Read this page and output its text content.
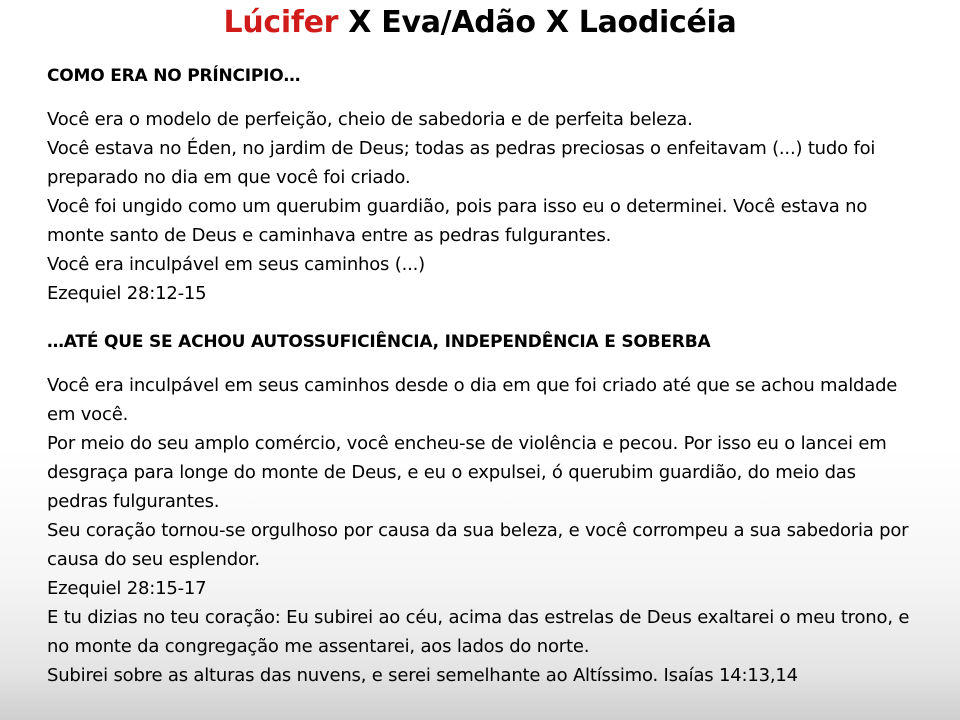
Lúcifer X Eva/Adão X Laodicéia
COMO ERA NO PRÍNCIPIO…
Você era o modelo de perfeição, cheio de sabedoria e de perfeita beleza.
Você estava no Éden, no jardim de Deus; todas as pedras preciosas o enfeitavam (...) tudo foi preparado no dia em que você foi criado.
Você foi ungido como um querubim guardião, pois para isso eu o determinei. Você estava no monte santo de Deus e caminhava entre as pedras fulgurantes.
Você era inculpável em seus caminhos (...)
Ezequiel 28:12-15
…ATÉ QUE SE ACHOU AUTOSSUFICIÊNCIA, INDEPENDÊNCIA E SOBERBA
Você era inculpável em seus caminhos desde o dia em que foi criado até que se achou maldade em você.
Por meio do seu amplo comércio, você encheu-se de violência e pecou. Por isso eu o lancei em desgraça para longe do monte de Deus, e eu o expulsei, ó querubim guardião, do meio das pedras fulgurantes.
Seu coração tornou-se orgulhoso por causa da sua beleza, e você corrompeu a sua sabedoria por causa do seu esplendor.
Ezequiel 28:15-17
E tu dizias no teu coração: Eu subirei ao céu, acima das estrelas de Deus exaltarei o meu trono, e no monte da congregação me assentarei, aos lados do norte.
Subirei sobre as alturas das nuvens, e serei semelhante ao Altíssimo. Isaías 14:13,14
